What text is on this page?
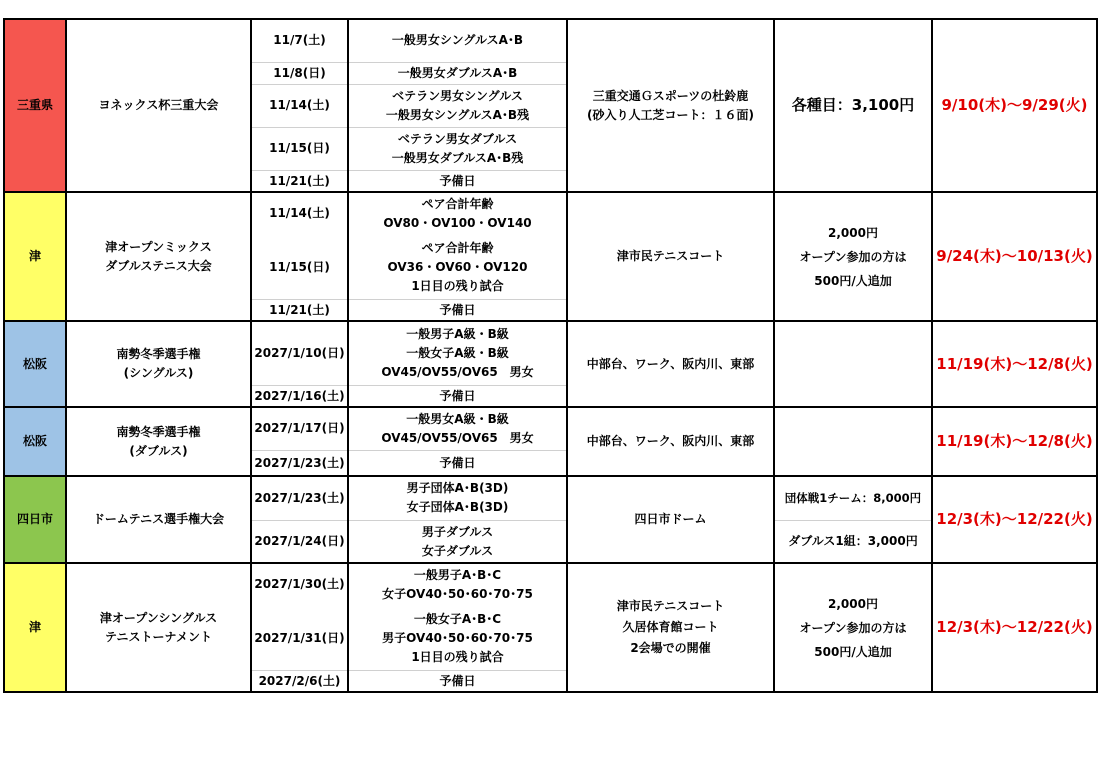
三重県
津
松阪
松阪
四日市
津
ヨネックス杯三重大会
11/7(土)
11/8(日)
11/14(土)
11/15(日)
11/21(土)
一般男女シングルスA･B
一般男女ダブルスA･B
ベテラン男女シングルス
一般男女シングルスA･B残
ベテラン男女ダブルス
一般男女ダブルスA･B残
予備日
三重交通Ｇスポーツの杜鈴鹿
(砂入り人工芝コート：１６面)
各種目：3,100円 9/10(木)～9/29(火)
津オープンミックス
ダブルステニス大会
11/14(土)
11/15(日)
11/21(土)
ペア合計年齢
OV80・OV100・OV140
ペア合計年齢
OV36・OV60・OV120
1日目の残り試合
予備日
津市民テニスコート
2,000円
オープン参加の方は
500円/人追加
9/24(木)～10/13(火)
南勢冬季選手権
(シングルス)
2027/1/10(日)
2027/1/16(土)
一般男子A級・B級
一般女子A級・B級
OV45/OV55/OV65　男女
予備日
中部台、ワーク、阪内川、東部	11/19(木)～12/8(火)
南勢冬季選手権
(ダブルス)
2027/1/17(日)
2027/1/23(土)
一般男女A級・B級
OV45/OV55/OV65　男女
予備日
中部台、ワーク、阪内川、東部	11/19(木)～12/8(火)
ドームテニス選手権大会
2027/1/23(土)
2027/1/24(日)
男子団体A･B(3D)
女子団体A･B(3D)
男子ダブルス
女子ダブルス
四日市ドーム
団体戦1チーム：8,000円
ダブルス1組：3,000円
12/3(木)～12/22(火)
津オープンシングルス
テニストーナメント
2027/1/30(土)
2027/1/31(日)
2027/2/6(土)
一般男子A･B･C
女子OV40･50･60･70･75
一般女子A･B･C
男子OV40･50･60･70･75
1日目の残り試合
予備日
津市民テニスコート
久居体育館コート
2会場での開催
2,000円
オープン参加の方は
500円/人追加
12/3(木)～12/22(火)
